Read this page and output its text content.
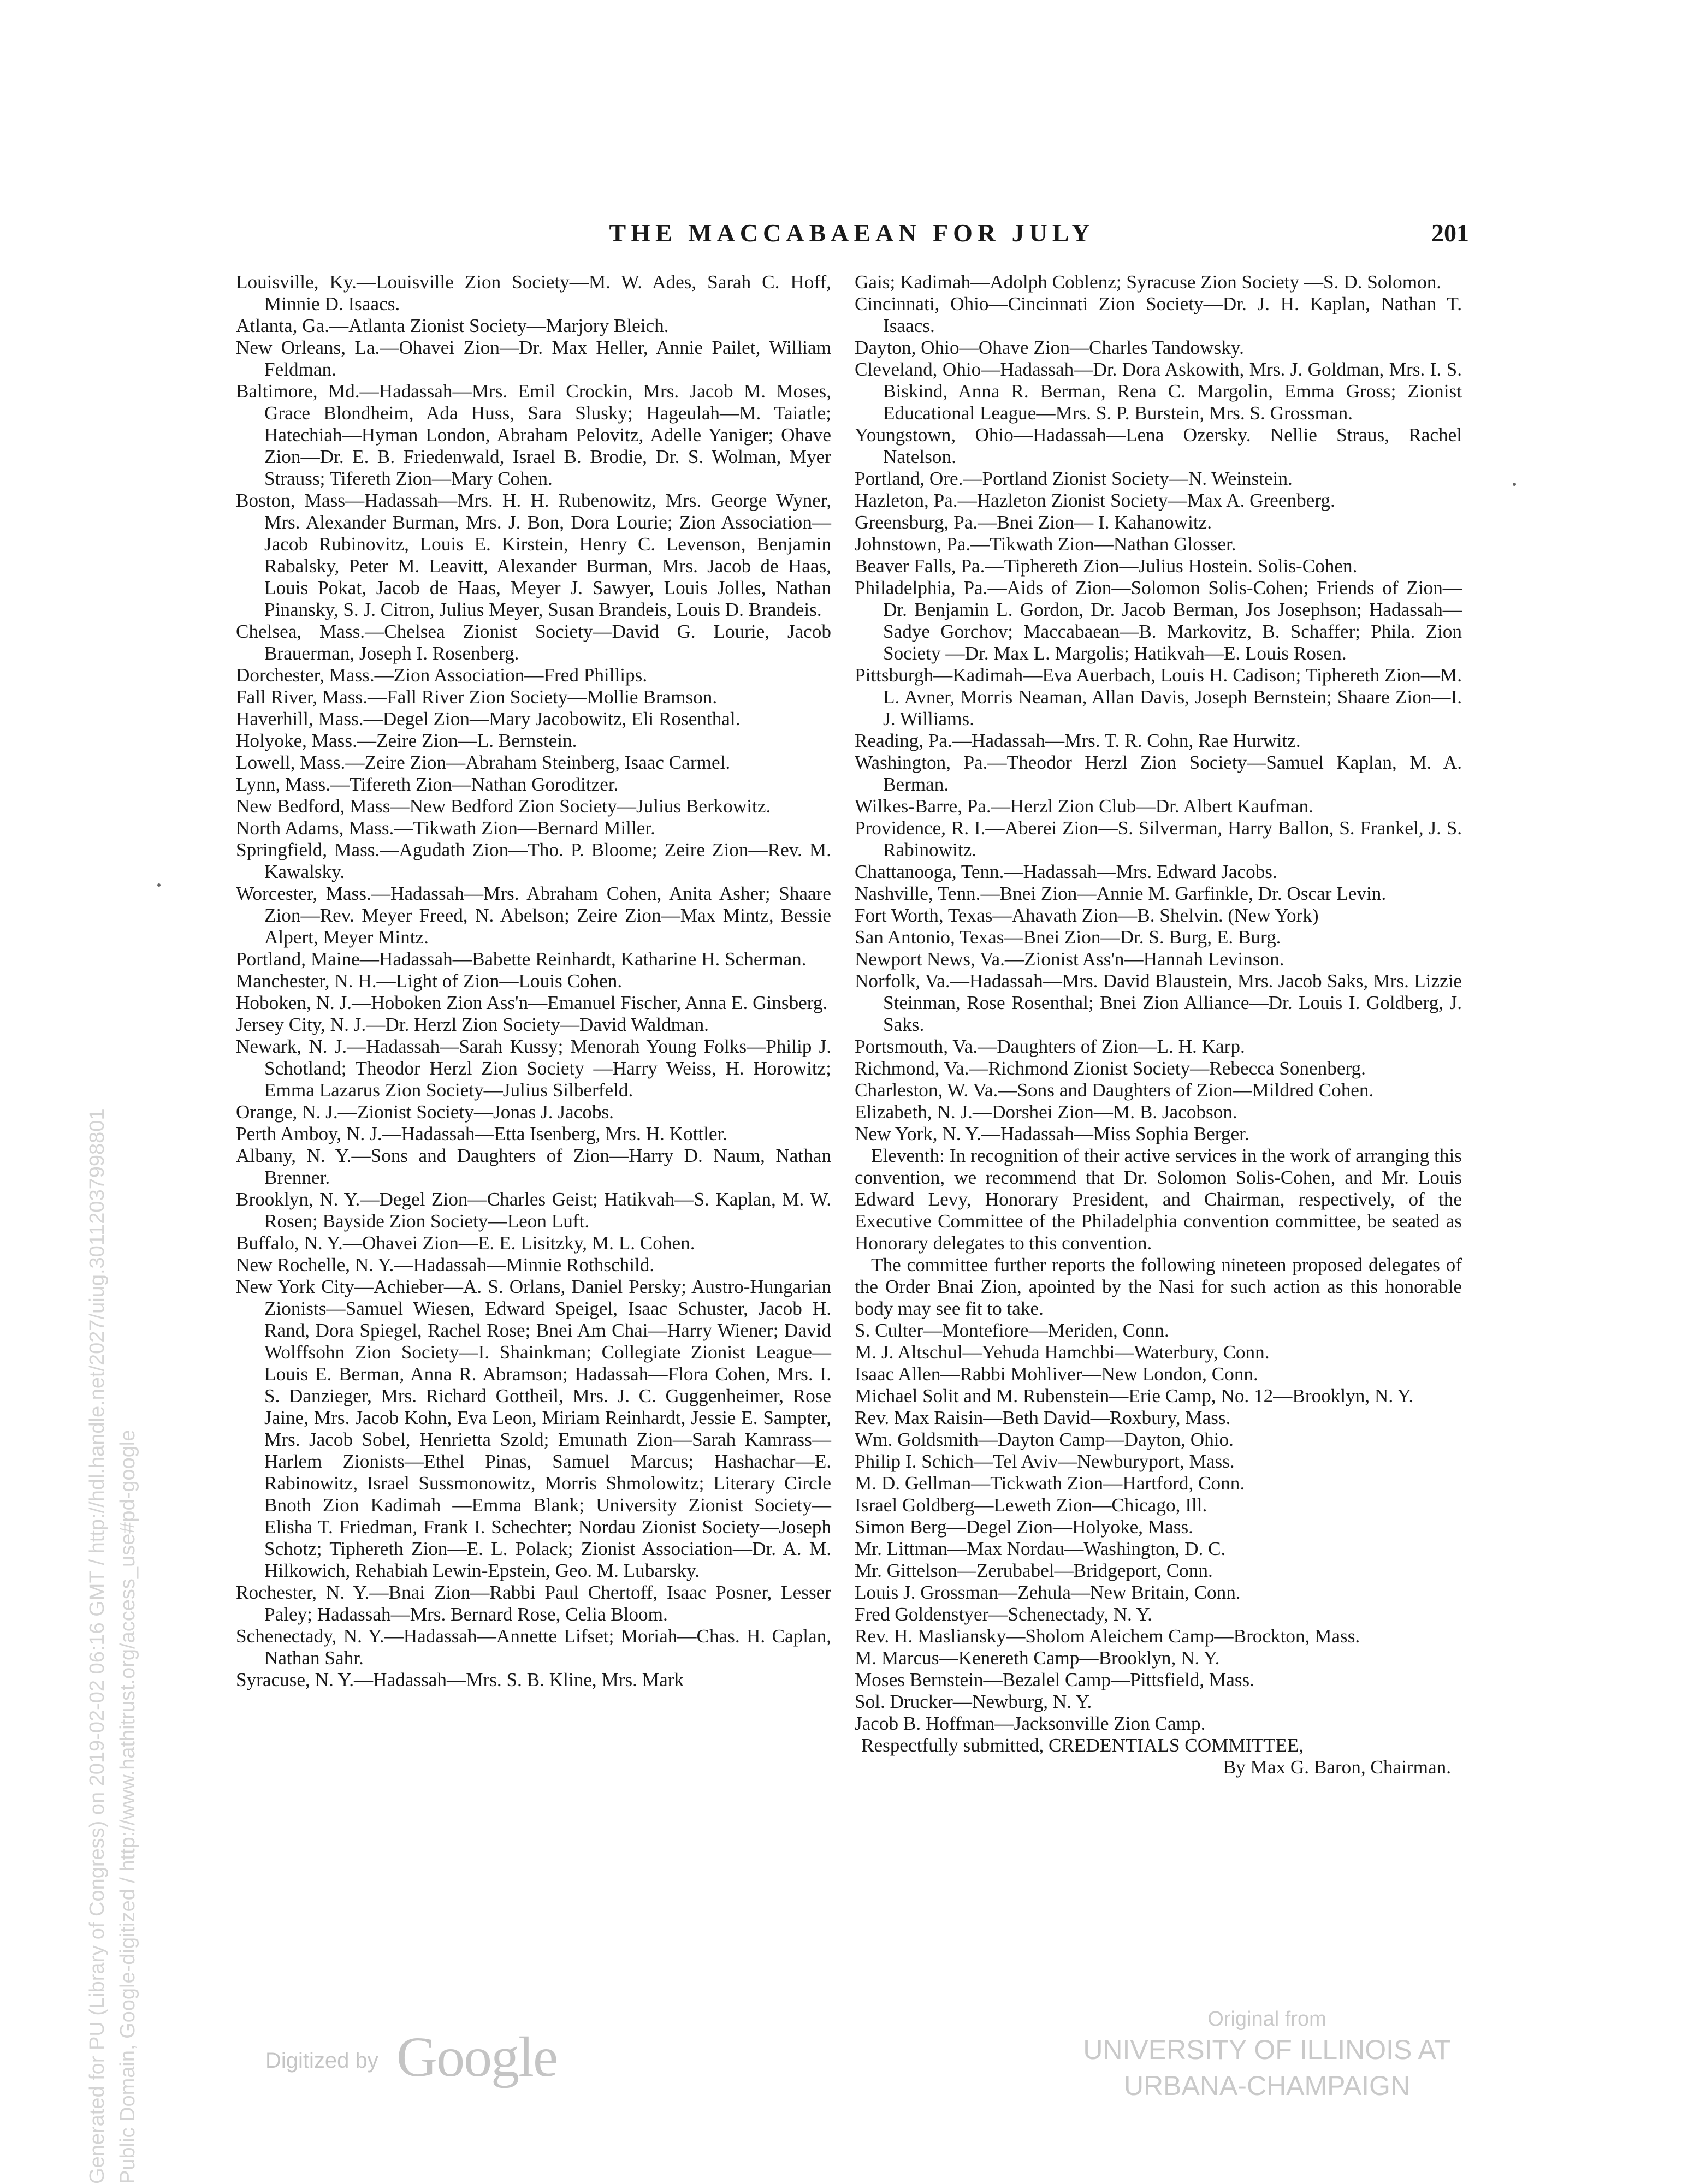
THE MACCABAEAN FOR JULY	201

Louisville, Ky.—Louisville Zion Society—M. W. Ades, Sarah C. Hoff, Minnie D. Isaacs.

Atlanta, Ga.—Atlanta Zionist Society—Marjory Bleich.

New Orleans, La.—Ohavei Zion—Dr. Max Heller, Annie Pailet, William Feldman.

Baltimore, Md.—Hadassah—Mrs. Emil Crockin, Mrs. Jacob M. Moses, Grace Blondheim, Ada Huss, Sara Slusky; Hageulah—M. Taiatle; Hatechiah—Hyman London, Abraham Pelovitz, Adelle Yaniger; Ohave Zion—Dr. E. B. Friedenwald, Israel B. Brodie, Dr. S. Wolman, Myer Strauss; Tifereth Zion—Mary Cohen.

Boston, Mass—Hadassah—Mrs. H. H. Rubenowitz, Mrs. George Wyner, Mrs. Alexander Burman, Mrs. J. Bon, Dora Lourie; Zion Association—Jacob Rubinovitz, Louis E. Kirstein, Henry C. Levenson, Benjamin Rabalsky, Peter M. Leavitt, Alexander Burman, Mrs. Jacob de Haas, Louis Pokat, Jacob de Haas, Meyer J. Sawyer, Louis Jolles, Nathan Pinansky, S. J. Citron, Julius Meyer, Susan Brandeis, Louis D. Brandeis.

Chelsea, Mass.—Chelsea Zionist Society—David G. Lourie, Jacob Brauerman, Joseph I. Rosenberg.

Dorchester, Mass.—Zion Association—Fred Phillips.

Fall River, Mass.—Fall River Zion Society—Mollie Bramson.

Haverhill, Mass.—Degel Zion—Mary Jacobowitz, Eli Rosenthal.

Holyoke, Mass.—Zeire Zion—L. Bernstein.

Lowell, Mass.—Zeire Zion—Abraham Steinberg, Isaac Carmel.

Lynn, Mass.—Tifereth Zion—Nathan Goroditzer.

New Bedford, Mass—New Bedford Zion Society—Julius Berkowitz.

North Adams, Mass.—Tikwath Zion—Bernard Miller.

Springfield, Mass.—Agudath Zion—Tho. P. Bloome; Zeire Zion—Rev. M. Kawalsky.

Worcester, Mass.—Hadassah—Mrs. Abraham Cohen, Anita Asher; Shaare Zion—Rev. Meyer Freed, N. Abelson; Zeire Zion—Max Mintz, Bessie Alpert, Meyer Mintz.

Portland, Maine—Hadassah—Babette Reinhardt, Katharine H. Scherman.

Manchester, N. H.—Light of Zion—Louis Cohen.

Hoboken, N. J.—Hoboken Zion Ass'n—Emanuel Fischer, Anna E. Ginsberg.

Jersey City, N. J.—Dr. Herzl Zion Society—David Waldman.

Newark, N. J.—Hadassah—Sarah Kussy; Menorah Young Folks—Philip J. Schotland; Theodor Herzl Zion Society —Harry Weiss, H. Horowitz; Emma Lazarus Zion Society—Julius Silberfeld.

Orange, N. J.—Zionist Society—Jonas J. Jacobs.

Perth Amboy, N. J.—Hadassah—Etta Isenberg, Mrs. H. Kottler.

Albany, N. Y.—Sons and Daughters of Zion—Harry D. Naum, Nathan Brenner.

Brooklyn, N. Y.—Degel Zion—Charles Geist; Hatikvah—S. Kaplan, M. W. Rosen; Bayside Zion Society—Leon Luft.

Buffalo, N. Y.—Ohavei Zion—E. E. Lisitzky, M. L. Cohen.

New Rochelle, N. Y.—Hadassah—Minnie Rothschild.

New York City—Achieber—A. S. Orlans, Daniel Persky; Austro-Hungarian Zionists—Samuel Wiesen, Edward Speigel, Isaac Schuster, Jacob H. Rand, Dora Spiegel, Rachel Rose; Bnei Am Chai—Harry Wiener; David Wolffsohn Zion Society—I. Shainkman; Collegiate Zionist League—Louis E. Berman, Anna R. Abramson; Hadassah—Flora Cohen, Mrs. I. S. Danzieger, Mrs. Richard Gottheil, Mrs. J. C. Guggenheimer, Rose Jaine, Mrs. Jacob Kohn, Eva Leon, Miriam Reinhardt, Jessie E. Sampter, Mrs. Jacob Sobel, Henrietta Szold; Emunath Zion—Sarah Kamrass—Harlem Zionists—Ethel Pinas, Samuel Marcus; Hashachar—E. Rabinowitz, Israel Sussmonowitz, Morris Shmolowitz; Literary Circle Bnoth Zion Kadimah —Emma Blank; University Zionist Society—Elisha T. Friedman, Frank I. Schechter; Nordau Zionist Society—Joseph Schotz; Tiphereth Zion—E. L. Polack; Zionist Association—Dr. A. M. Hilkowich, Rehabiah Lewin-Epstein, Geo. M. Lubarsky.

Rochester, N. Y.—Bnai Zion—Rabbi Paul Chertoff, Isaac Posner, Lesser Paley; Hadassah—Mrs. Bernard Rose, Celia Bloom.

Schenectady, N. Y.—Hadassah—Annette Lifset; Moriah—Chas. H. Caplan, Nathan Sahr.

Syracuse, N. Y.—Hadassah—Mrs. S. B. Kline, Mrs. Mark

Gais; Kadimah—Adolph Coblenz; Syracuse Zion Society —S. D. Solomon.

Cincinnati, Ohio—Cincinnati Zion Society—Dr. J. H. Kaplan, Nathan T. Isaacs.

Dayton, Ohio—Ohave Zion—Charles Tandowsky.

Cleveland, Ohio—Hadassah—Dr. Dora Askowith, Mrs. J. Goldman, Mrs. I. S. Biskind, Anna R. Berman, Rena C. Margolin, Emma Gross; Zionist Educational League—Mrs. S. P. Burstein, Mrs. S. Grossman.

Youngstown, Ohio—Hadassah—Lena Ozersky. Nellie Straus, Rachel Natelson.

Portland, Ore.—Portland Zionist Society—N. Weinstein.

Hazleton, Pa.—Hazleton Zionist Society—Max A. Greenberg.

Greensburg, Pa.—Bnei Zion— I. Kahanowitz.

Johnstown, Pa.—Tikwath Zion—Nathan Glosser.

Beaver Falls, Pa.—Tiphereth Zion—Julius Hostein. Solis-Cohen.

Philadelphia, Pa.—Aids of Zion—Solomon Solis-Cohen; Friends of Zion—Dr. Benjamin L. Gordon, Dr. Jacob Berman, Jos Josephson; Hadassah—Sadye Gorchov; Maccabaean—B. Markovitz, B. Schaffer; Phila. Zion Society —Dr. Max L. Margolis; Hatikvah—E. Louis Rosen.

Pittsburgh—Kadimah—Eva Auerbach, Louis H. Cadison; Tiphereth Zion—M. L. Avner, Morris Neaman, Allan Davis, Joseph Bernstein; Shaare Zion—I. J. Williams.

Reading, Pa.—Hadassah—Mrs. T. R. Cohn, Rae Hurwitz.

Washington, Pa.—Theodor Herzl Zion Society—Samuel Kaplan, M. A. Berman.

Wilkes-Barre, Pa.—Herzl Zion Club—Dr. Albert Kaufman.

Providence, R. I.—Aberei Zion—S. Silverman, Harry Ballon, S. Frankel, J. S. Rabinowitz.

Chattanooga, Tenn.—Hadassah—Mrs. Edward Jacobs.

Nashville, Tenn.—Bnei Zion—Annie M. Garfinkle, Dr. Oscar Levin.

Fort Worth, Texas—Ahavath Zion—B. Shelvin. (New York)

San Antonio, Texas—Bnei Zion—Dr. S. Burg, E. Burg.

Newport News, Va.—Zionist Ass'n—Hannah Levinson.

Norfolk, Va.—Hadassah—Mrs. David Blaustein, Mrs. Jacob Saks, Mrs. Lizzie Steinman, Rose Rosenthal; Bnei Zion Alliance—Dr. Louis I. Goldberg, J. Saks.

Portsmouth, Va.—Daughters of Zion—L. H. Karp.

Richmond, Va.—Richmond Zionist Society—Rebecca Sonenberg.

Charleston, W. Va.—Sons and Daughters of Zion—Mildred Cohen.

Elizabeth, N. J.—Dorshei Zion—M. B. Jacobson.

New York, N. Y.—Hadassah—Miss Sophia Berger.

Eleventh: In recognition of their active services in the work of arranging this convention, we recommend that Dr. Solomon Solis-Cohen, and Mr. Louis Edward Levy, Honorary President, and Chairman, respectively, of the Executive Committee of the Philadelphia convention committee, be seated as Honorary delegates to this convention.

The committee further reports the following nineteen proposed delegates of the Order Bnai Zion, apointed by the Nasi for such action as this honorable body may see fit to take.

S. Culter—Montefiore—Meriden, Conn.

M. J. Altschul—Yehuda Hamchbi—Waterbury, Conn.

Isaac Allen—Rabbi Mohliver—New London, Conn.

Michael Solit and M. Rubenstein—Erie Camp, No. 12—Brooklyn, N. Y.

Rev. Max Raisin—Beth David—Roxbury, Mass.

Wm. Goldsmith—Dayton Camp—Dayton, Ohio.

Philip I. Schich—Tel Aviv—Newburyport, Mass.

M. D. Gellman—Tickwath Zion—Hartford, Conn.

Israel Goldberg—Leweth Zion—Chicago, Ill.

Simon Berg—Degel Zion—Holyoke, Mass.

Mr. Littman—Max Nordau—Washington, D. C.

Mr. Gittelson—Zerubabel—Bridgeport, Conn.

Louis J. Grossman—Zehula—New Britain, Conn.

Fred Goldenstyer—Schenectady, N. Y.

Rev. H. Masliansky—Sholom Aleichem Camp—Brockton, Mass.

M. Marcus—Kenereth Camp—Brooklyn, N. Y.

Moses Bernstein—Bezalel Camp—Pittsfield, Mass.

Sol. Drucker—Newburg, N. Y.

Jacob B. Hoffman—Jacksonville Zion Camp.

Respectfully submitted, CREDENTIALS COMMITTEE,

By Max G. Baron, Chairman.

Digitized by Google
Original from
UNIVERSITY OF ILLINOIS AT
URBANA-CHAMPAIGN
Generated for PU (Library of Congress) on 2019-02-02 06:16 GMT / http://hdl.handle.net/2027/uiug.30112037998801 Public Domain, Google-digitized / http://www.hathitrust.org/access_use#pd-google
